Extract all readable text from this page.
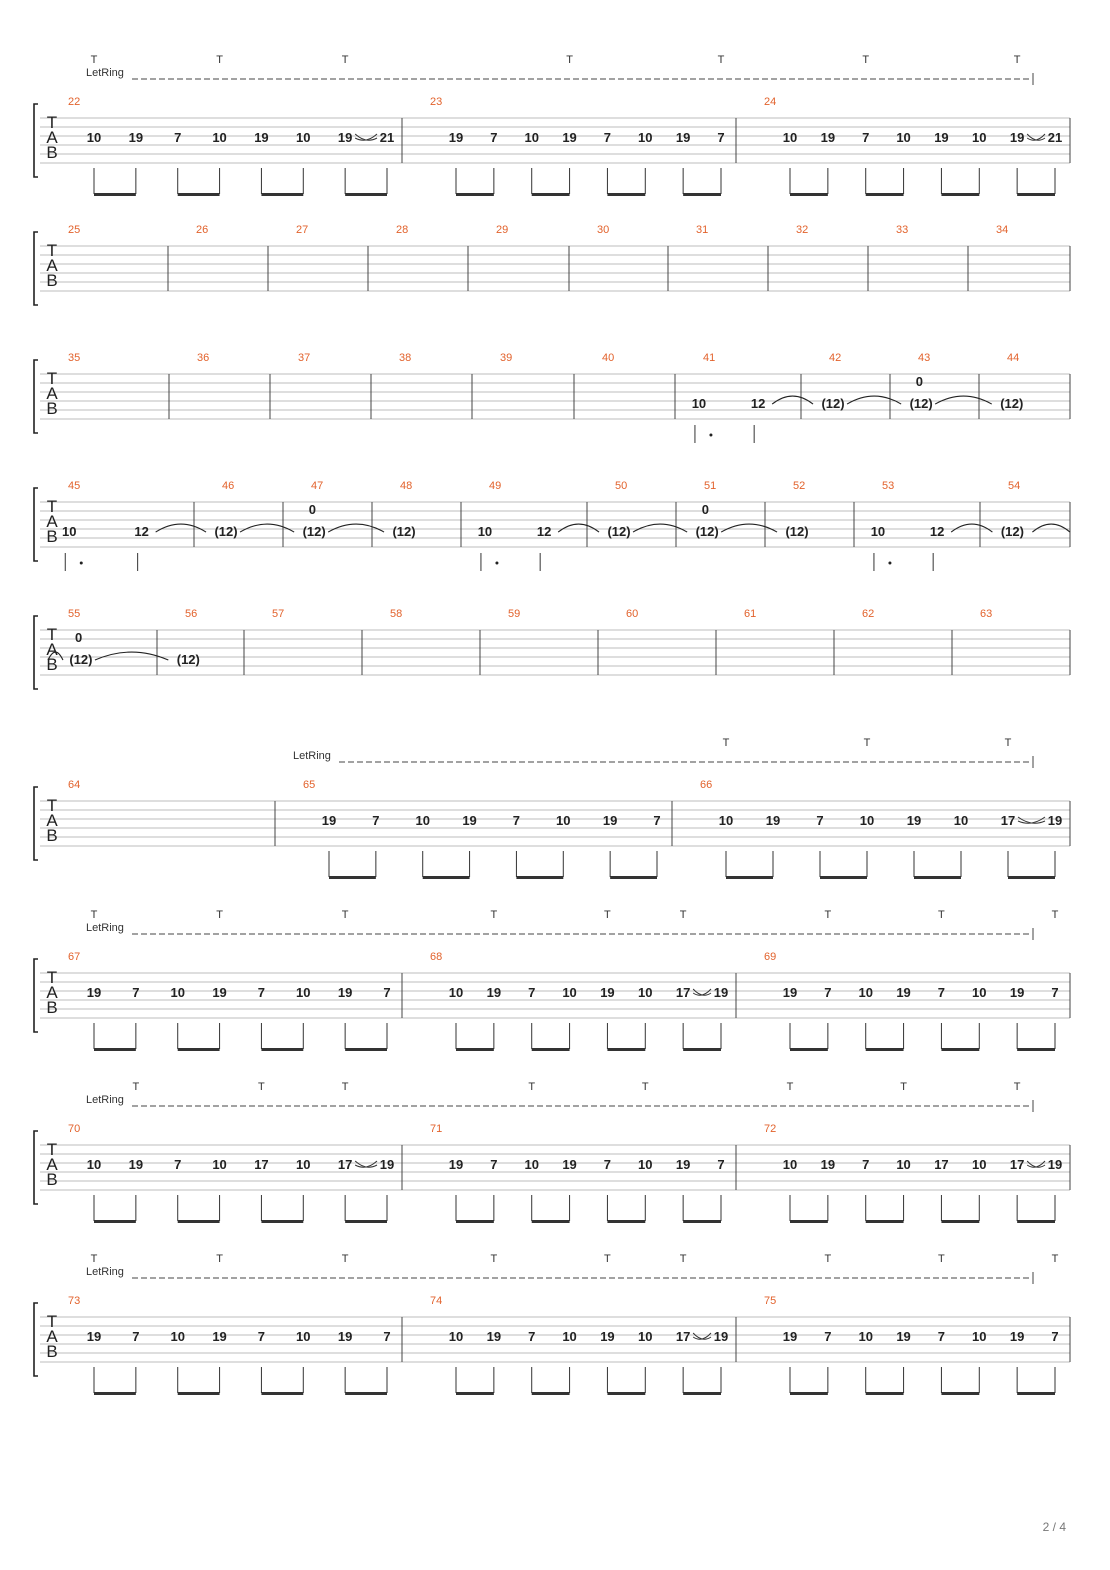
T
A
B
22
10 19 7 10 19 10 19 21
23
19 7 10 19 7 10 19 7
24
10 19 7 10 19 10 19 21
T	T	T	T	T	T	T
LetRing
T
A
B
25	26	27	28	29	30	31	32	33	34
T
A
B
35	36	37	38	39	40	41
10	12
42
(12)
43
0
(12)
44
(12)
T
A
B
45
10	12
46
(12)
47
0
(12)
48
(12)
49
10	12
50
(12)
51
0
(12)
52
(12)
53
10	12
54
(12)
T
A
B
55
0
(12)
56
(12)
57	58	59	60	61	62	63
T
A
B
64	65
19	7	10 19	7	10 19	7
66
10	19	7	10	19	10	17	19
T	T	T
LetRing
T
A
B
67
19 7 10 19 7 10 19 7
68
10 19 7 10 19 10 17 19
69
19 7 10 19 7 10 19 7
T	T	T	T	T	T	T	T	T
LetRing
T
A
B
70
10 19 7 10 17 10 17 19
71
19 7 10 19 7 10 19 7
72
10 19 7 10 17 10 17 19
T	T	T	T	T	T	T	T
LetRing
T
A
B
73
19 7 10 19 7 10 19 7
74
10 19 7 10 19 10 17 19
75
19 7 10 19 7 10 19 7
T	T	T	T	T	T	T	T	T
LetRing
2 / 4
